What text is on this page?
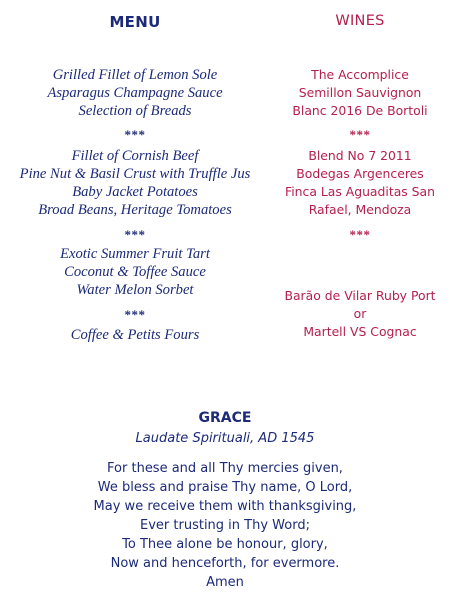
MENU
Grilled Fillet of Lemon Sole
Asparagus Champagne Sauce
Selection of Breads
***
Fillet of Cornish Beef
Pine Nut & Basil Crust with Truffle Jus
Baby Jacket Potatoes
Broad Beans, Heritage Tomatoes
***
Exotic Summer Fruit Tart
Coconut & Toffee Sauce
Water Melon Sorbet
***
Coffee & Petits Fours
WINES
The Accomplice
Semillon Sauvignon
Blanc 2016 De Bortoli
***
Blend No 7 2011
Bodegas Argenceres
Finca Las Aguaditas San
Rafael, Mendoza
***
Barão de Vilar Ruby Port
or
Martell VS Cognac
GRACE
Laudate Spirituali, AD 1545
For these and all Thy mercies given,
We bless and praise Thy name, O Lord,
May we receive them with thanksgiving,
Ever trusting in Thy Word;
To Thee alone be honour, glory,
Now and henceforth, for evermore.
Amen
